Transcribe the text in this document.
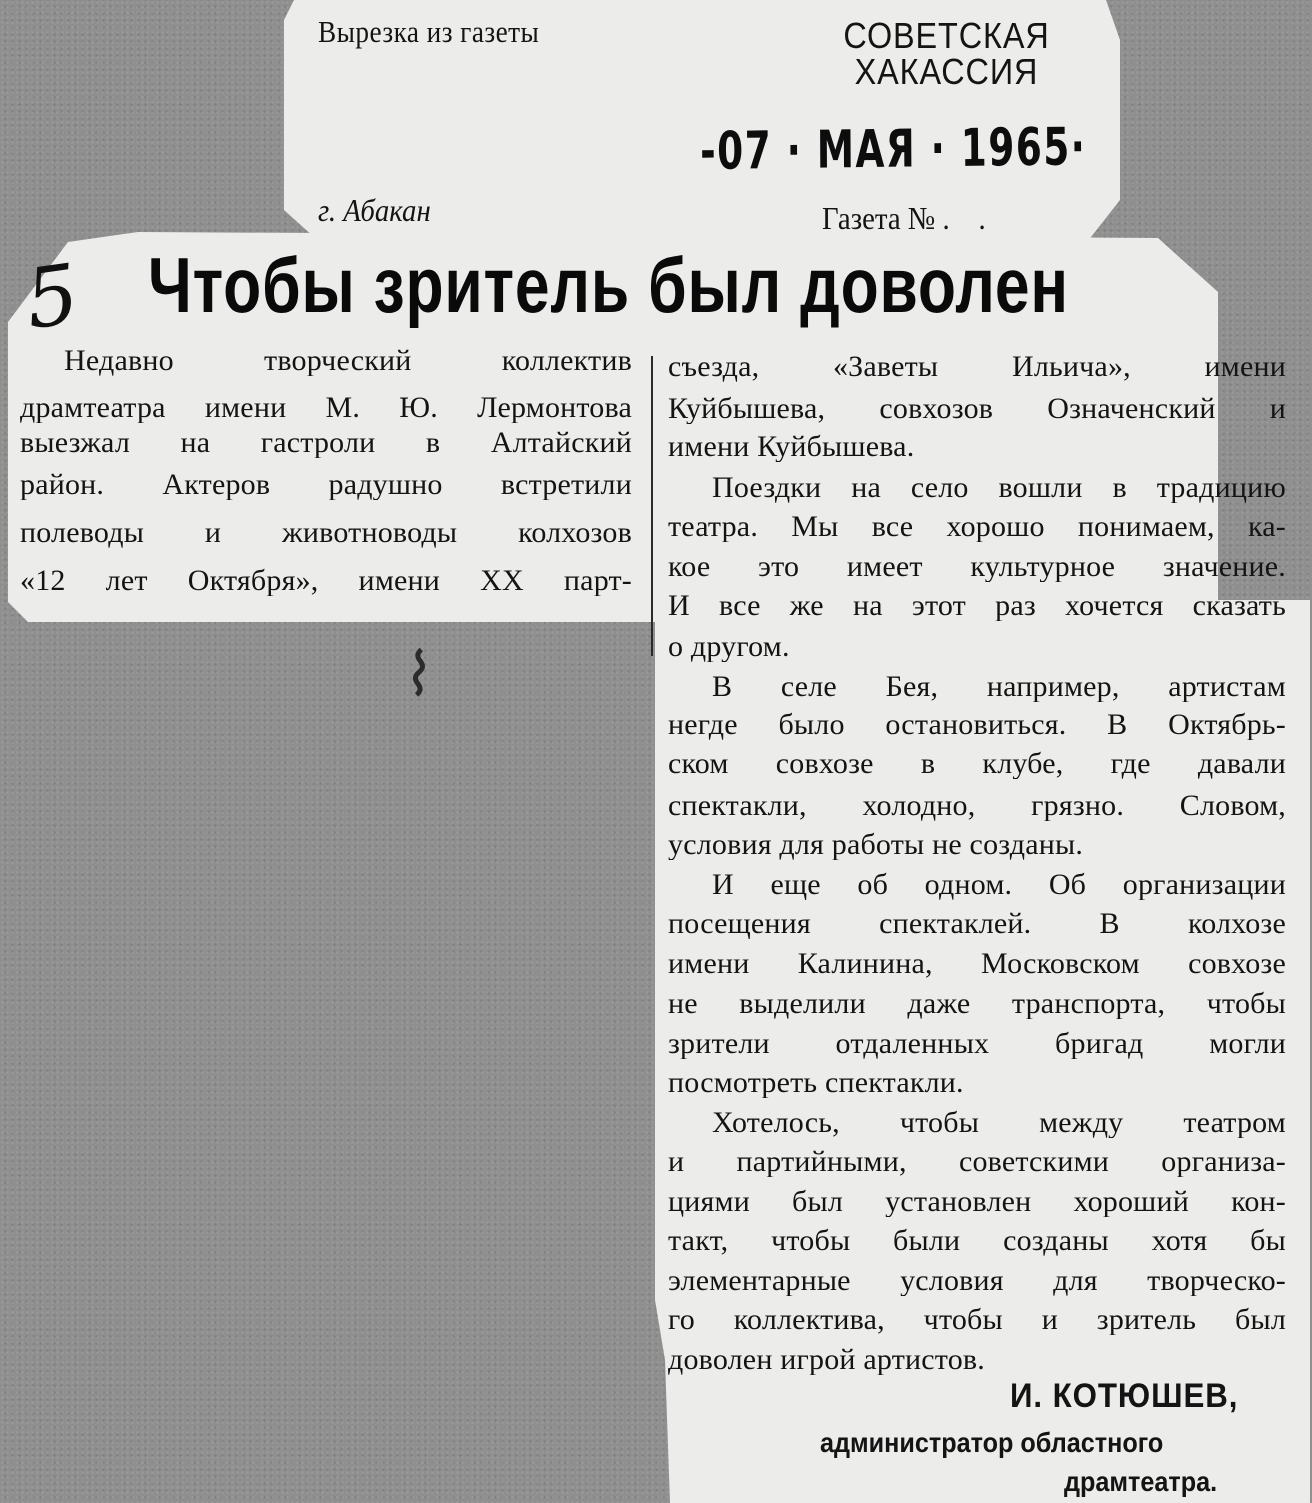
Вырезка из газеты	СОВЕТСКАЯ ХАКАССИЯ
-07 · МАЯ · 1965·
г. Абакан	Газета № . .
5 Чтобы зритель был доволен
⌇
Недавно творческий коллектив
драмтеатра имени М. Ю. Лермонтова
выезжал на гастроли в Алтайский
район. Актеров радушно встретили
полеводы и животноводы колхозов
«12 лет Октября», имени XX парт-
съезда, «Заветы Ильича», имени
Куйбышева, совхозов Означенский и
имени Куйбышева.
Поездки на село вошли в традицию
театра. Мы все хорошо понимаем, ка-
кое это имеет культурное значение.
И все же на этот раз хочется сказать
о другом.
В селе Бея, например, артистам
негде было остановиться. В Октябрь-
ском совхозе в клубе, где давали
спектакли, холодно, грязно. Словом,
условия для работы не созданы.
И еще об одном. Об организации
посещения спектаклей. В колхозе
имени Калинина, Московском совхозе
не выделили даже транспорта, чтобы
зрители отдаленных бригад могли
посмотреть спектакли.
Хотелось, чтобы между театром
и партийными, советскими организа-
циями был установлен хороший кон-
такт, чтобы были созданы хотя бы
элементарные условия для творческо-
го коллектива, чтобы и зритель был
доволен игрой артистов.
И. КОТЮШЕВ,
администратор областного
драмтеатра.
